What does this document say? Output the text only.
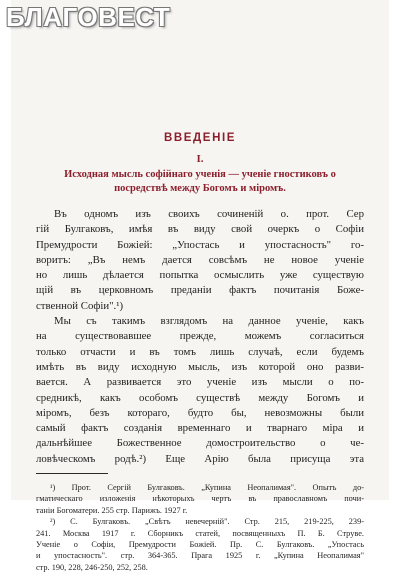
БЛАГОВЕСТ
ВВЕДЕНІЕ
I.
Исходная мысль софійнаго ученія — ученіе гностиковъ о
посредствѣ между Богомъ и міромъ.
Въ одномъ изъ своихъ сочиненій о. прот. Сер
гій Булгаковъ, имѣя въ виду свой очеркъ о Софіи
Премудрости Божіей: „Упостась и упостасность" го-
воритъ: „Въ немъ дается совсѣмъ не новое ученіе
но лишь дѣлается попытка осмыслить уже существую
щій въ церковномъ преданіи фактъ почитанія Боже-
ственной Софіи".¹)
Мы съ такимъ взглядомъ на данное ученіе, какъ
на существовавшее прежде, можемъ согласиться
только отчасти и въ томъ лишь случаѣ, если будемъ
имѣть въ виду исходную мысль, изъ которой оно разви-
вается. А развивается это ученіе изъ мысли о по-
средникѣ, какъ особомъ существѣ между Богомъ и
міромъ, безъ котораго, будто бы, невозможны были
самый фактъ созданія временнаго и тварнаго міра и
дальнѣйшее Божественное домостроительство о че-
ловѣческомъ родѣ.²) Еще Арію была присуща эта
¹) Прот. Сергій Булгаковъ. „Купина Неопалимая". Опытъ до-
гматическаго изложенія нѣкоторыхъ чертъ въ православномъ почи-
таніи Богоматери. 255 стр. Парижъ. 1927 г.
²) С. Булгаковъ. „Свѣтъ невечерній". Стр. 215, 219-225, 239-
241. Москва 1917 г. Сборникъ статей, посвященныхъ П. Б. Струве.
Ученіе о Софіи, Премудрости Божіей. Пр. С. Булгаковъ. „Упостась
и упостасность". стр. 364-365. Прага 1925 г. „Купина Неопалимая"
стр. 190, 228, 246-250, 252, 258.
